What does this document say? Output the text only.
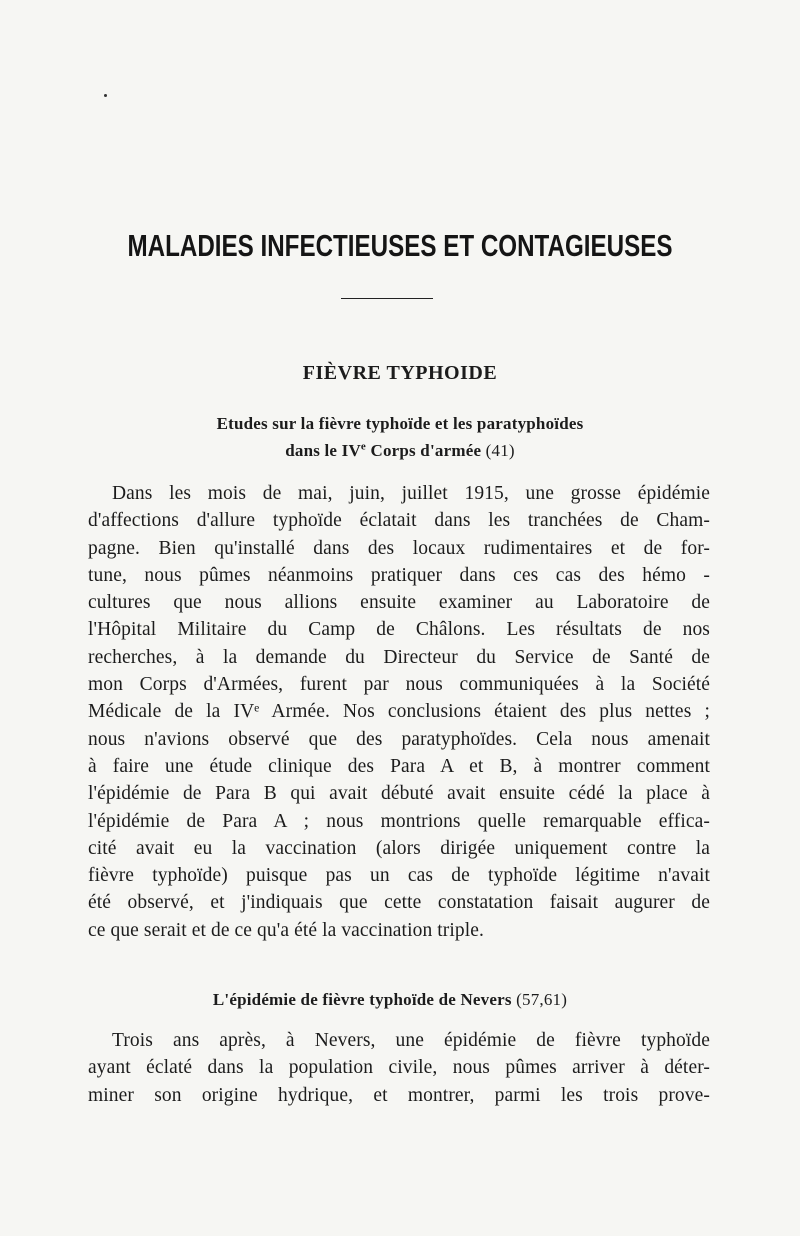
MALADIES INFECTIEUSES ET CONTAGIEUSES
FIÈVRE TYPHOIDE
Etudes sur la fièvre typhoïde et les paratyphoïdes
dans le IVe Corps d'armée (41)
Dans les mois de mai, juin, juillet 1915, une grosse épidémie
d'affections d'allure typhoïde éclatait dans les tranchées de Cham-
pagne. Bien qu'installé dans des locaux rudimentaires et de for-
tune, nous pûmes néanmoins pratiquer dans ces cas des hémo -
cultures que nous allions ensuite examiner au Laboratoire de
l'Hôpital Militaire du Camp de Châlons. Les résultats de nos
recherches, à la demande du Directeur du Service de Santé de
mon Corps d'Armées, furent par nous communiquées à la Société
Médicale de la IVᵉ Armée. Nos conclusions étaient des plus nettes ;
nous n'avions observé que des paratyphoïdes. Cela nous amenait
à faire une étude clinique des Para A et B, à montrer comment
l'épidémie de Para B qui avait débuté avait ensuite cédé la place à
l'épidémie de Para A ; nous montrions quelle remarquable effica-
cité avait eu la vaccination (alors dirigée uniquement contre la
fièvre typhoïde) puisque pas un cas de typhoïde légitime n'avait
été observé, et j'indiquais que cette constatation faisait augurer de
ce que serait et de ce qu'a été la vaccination triple.
L'épidémie de fièvre typhoïde de Nevers (57,61)
Trois ans après, à Nevers, une épidémie de fièvre typhoïde
ayant éclaté dans la population civile, nous pûmes arriver à déter-
miner son origine hydrique, et montrer, parmi les trois prove-
